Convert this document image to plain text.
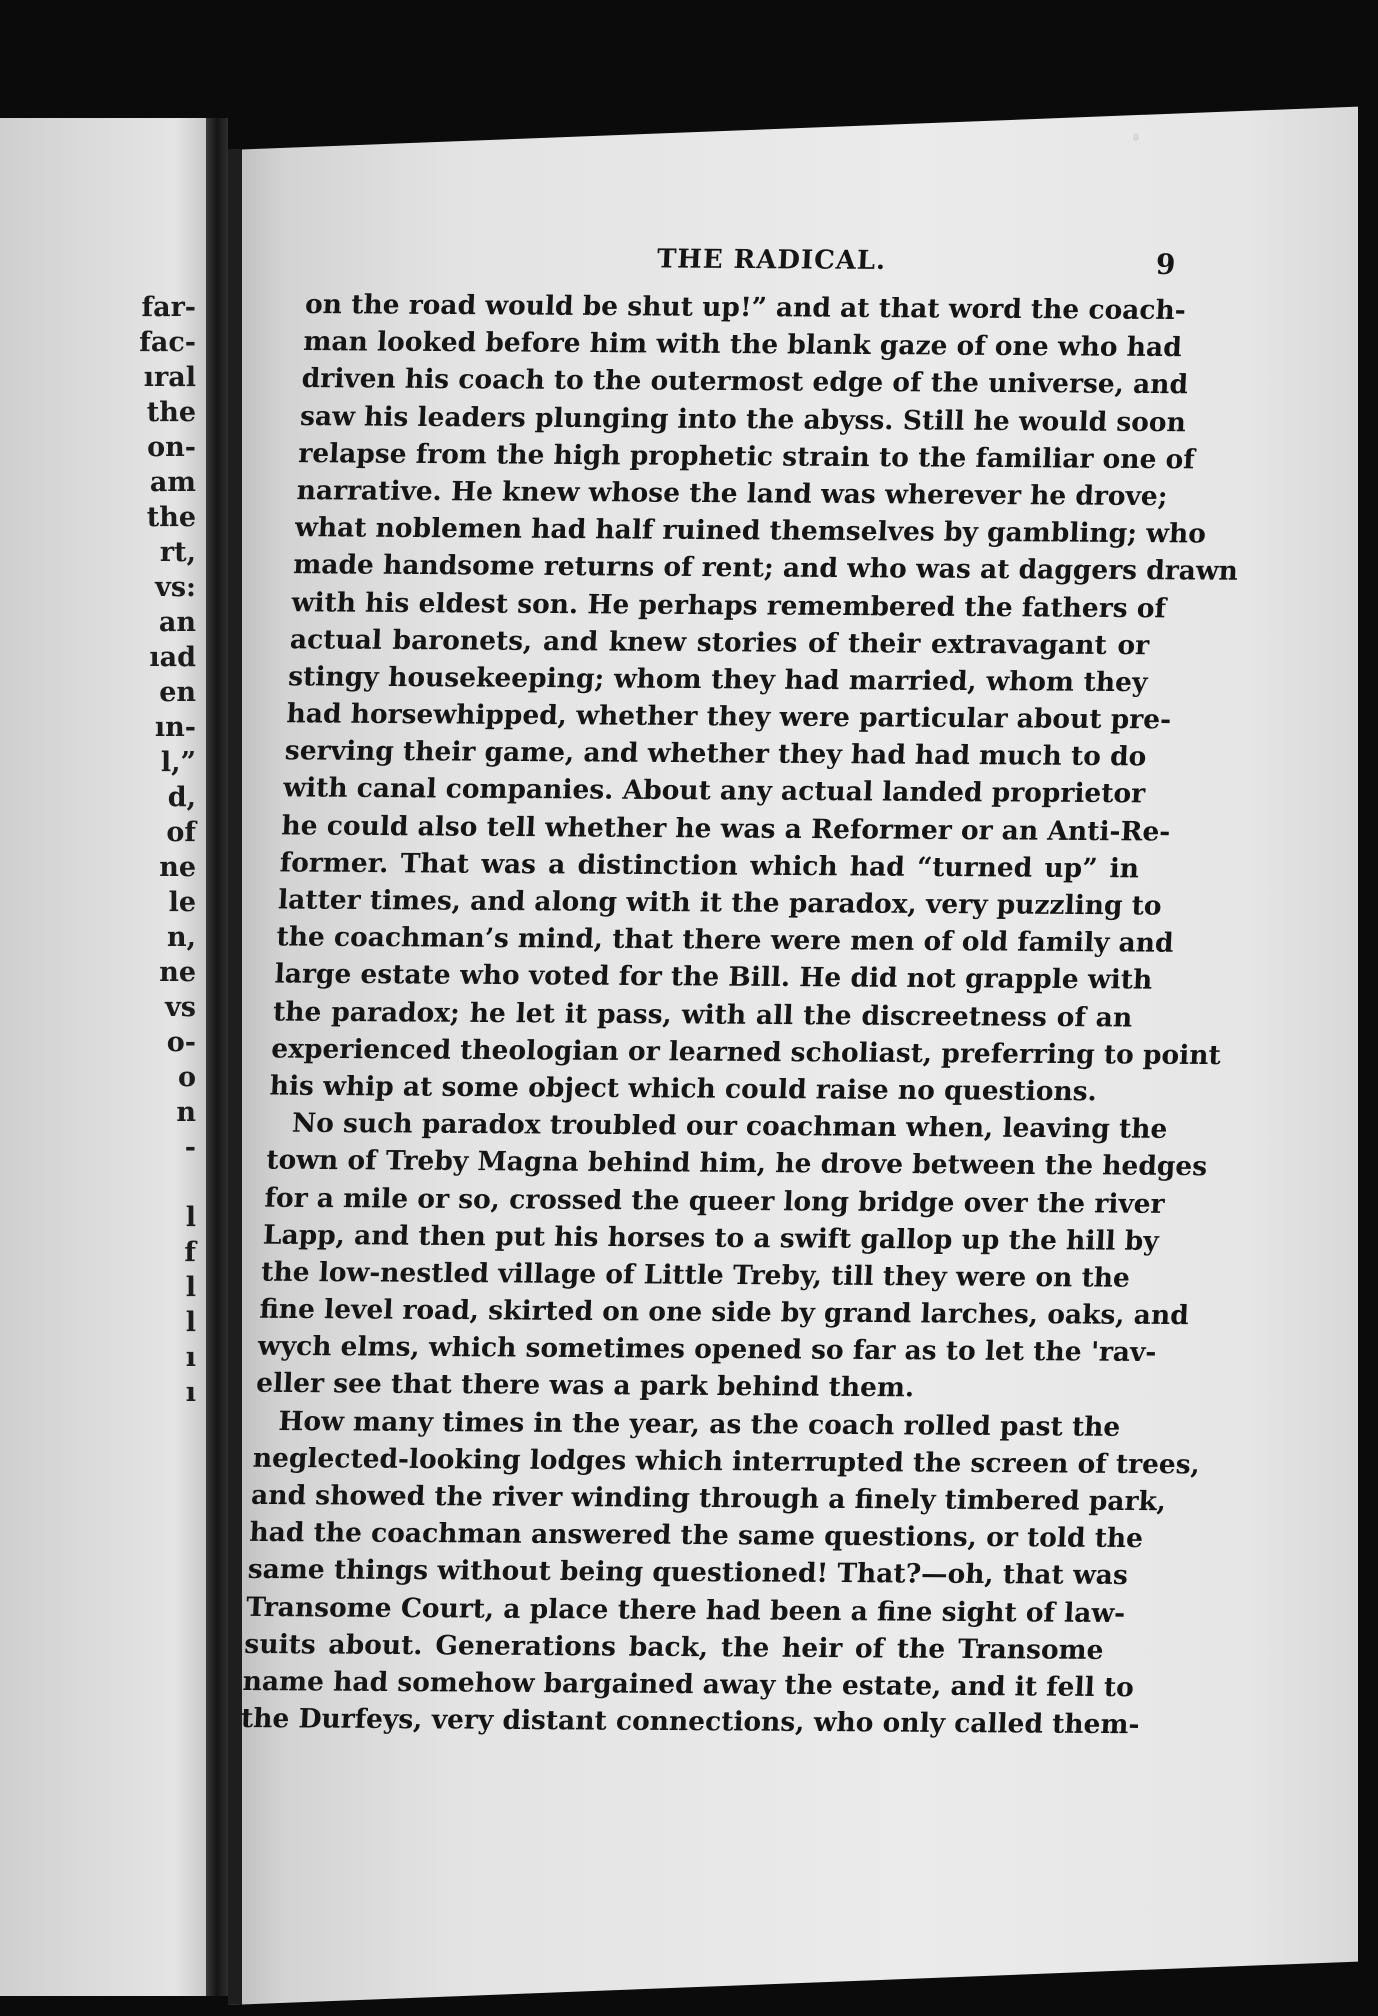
far-
fac-
ıral
the
on-
am
the
rt,
vs:
an
ıad
en
ın-
l,”
d,
of
ne
le
n,
ne
vs
o-
o
n
-
l
f
l
l
ı
ı
THE RADICAL.	9
on the road would be shut up!” and at that word the coach-
man looked before him with the blank gaze of one who had
driven his coach to the outermost edge of the universe, and
saw his leaders plunging into the abyss. Still he would soon
relapse from the high prophetic strain to the familiar one of
narrative. He knew whose the land was wherever he drove;
what noblemen had half ruined themselves by gambling; who
made handsome returns of rent; and who was at daggers drawn
with his eldest son. He perhaps remembered the fathers of
actual baronets, and knew stories of their extravagant or
stingy housekeeping; whom they had married, whom they
had horsewhipped, whether they were particular about pre-
serving their game, and whether they had had much to do
with canal companies. About any actual landed proprietor
he could also tell whether he was a Reformer or an Anti-Re-
former. That was a distinction which had “turned up” in
latter times, and along with it the paradox, very puzzling to
the coachman’s mind, that there were men of old family and
large estate who voted for the Bill. He did not grapple with
the paradox; he let it pass, with all the discreetness of an
experienced theologian or learned scholiast, preferring to point
his whip at some object which could raise no questions.
No such paradox troubled our coachman when, leaving the
town of Treby Magna behind him, he drove between the hedges
for a mile or so, crossed the queer long bridge over the river
Lapp, and then put his horses to a swift gallop up the hill by
the low-nestled village of Little Treby, till they were on the
fine level road, skirted on one side by grand larches, oaks, and
wych elms, which sometimes opened so far as to let the 'rav-
eller see that there was a park behind them.
How many times in the year, as the coach rolled past the
neglected-looking lodges which interrupted the screen of trees,
and showed the river winding through a finely timbered park,
had the coachman answered the same questions, or told the
same things without being questioned! That?—oh, that was
Transome Court, a place there had been a fine sight of law-
suits about. Generations back, the heir of the Transome
name had somehow bargained away the estate, and it fell to
the Durfeys, very distant connections, who only called them-
